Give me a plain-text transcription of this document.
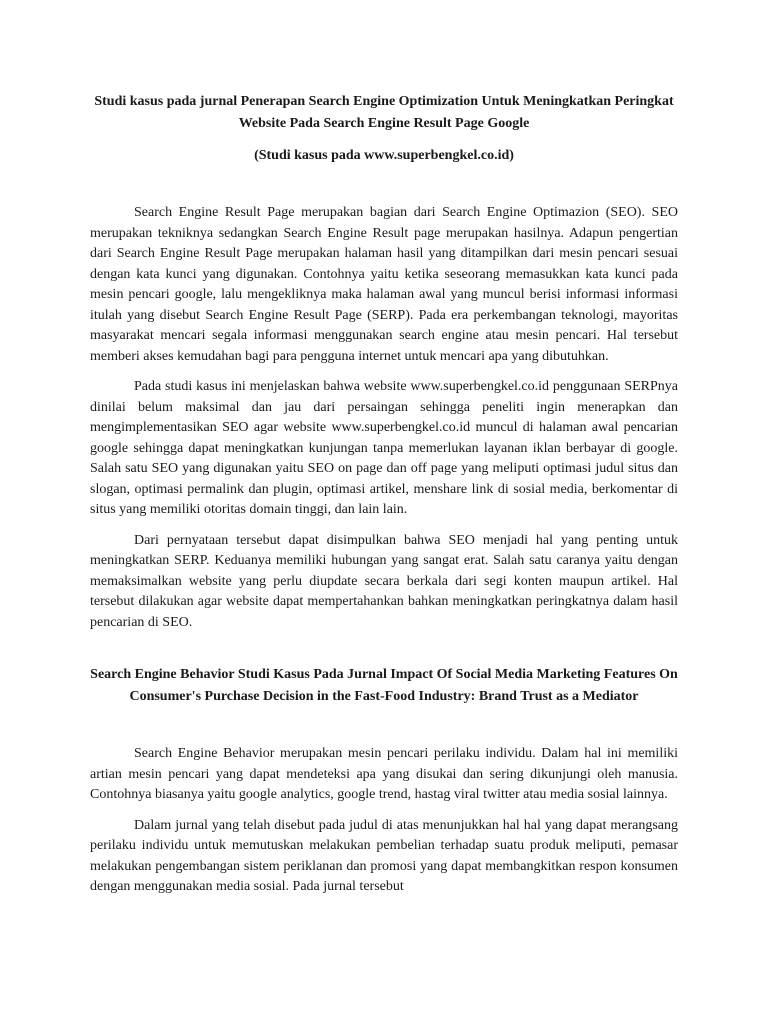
Studi kasus pada jurnal Penerapan Search Engine Optimization Untuk Meningkatkan Peringkat Website Pada Search Engine Result Page Google
(Studi kasus pada www.superbengkel.co.id)

Search Engine Result Page merupakan bagian dari Search Engine Optimazion (SEO). SEO merupakan tekniknya sedangkan Search Engine Result page merupakan hasilnya. Adapun pengertian dari Search Engine Result Page merupakan halaman hasil yang ditampilkan dari mesin pencari sesuai dengan kata kunci yang digunakan. Contohnya yaitu ketika seseorang memasukkan kata kunci pada mesin pencari google, lalu mengekliknya maka halaman awal yang muncul berisi informasi informasi itulah yang disebut Search Engine Result Page (SERP). Pada era perkembangan teknologi, mayoritas masyarakat mencari segala informasi menggunakan search engine atau mesin pencari. Hal tersebut memberi akses kemudahan bagi para pengguna internet untuk mencari apa yang dibutuhkan.

Pada studi kasus ini menjelaskan bahwa website www.superbengkel.co.id penggunaan SERPnya dinilai belum maksimal dan jau dari persaingan sehingga peneliti ingin menerapkan dan mengimplementasikan SEO agar website www.superbengkel.co.id muncul di halaman awal pencarian google sehingga dapat meningkatkan kunjungan tanpa memerlukan layanan iklan berbayar di google. Salah satu SEO yang digunakan yaitu SEO on page dan off page yang meliputi optimasi judul situs dan slogan, optimasi permalink dan plugin, optimasi artikel, menshare link di sosial media, berkomentar di situs yang memiliki otoritas domain tinggi, dan lain lain.

Dari pernyataan tersebut dapat disimpulkan bahwa SEO menjadi hal yang penting untuk meningkatkan SERP. Keduanya memiliki hubungan yang sangat erat. Salah satu caranya yaitu dengan memaksimalkan website yang perlu diupdate secara berkala dari segi konten maupun artikel. Hal tersebut dilakukan agar website dapat mempertahankan bahkan meningkatkan peringkatnya dalam hasil pencarian di SEO.

Search Engine Behavior Studi Kasus Pada Jurnal Impact Of Social Media Marketing Features On Consumer's Purchase Decision in the Fast-Food Industry: Brand Trust as a Mediator

Search Engine Behavior merupakan mesin pencari perilaku individu. Dalam hal ini memiliki artian mesin pencari yang dapat mendeteksi apa yang disukai dan sering dikunjungi oleh manusia. Contohnya biasanya yaitu google analytics, google trend, hastag viral twitter atau media sosial lainnya.

Dalam jurnal yang telah disebut pada judul di atas menunjukkan hal hal yang dapat merangsang perilaku individu untuk memutuskan melakukan pembelian terhadap suatu produk meliputi, pemasar melakukan pengembangan sistem periklanan dan promosi yang dapat membangkitkan respon konsumen dengan menggunakan media sosial. Pada jurnal tersebut
